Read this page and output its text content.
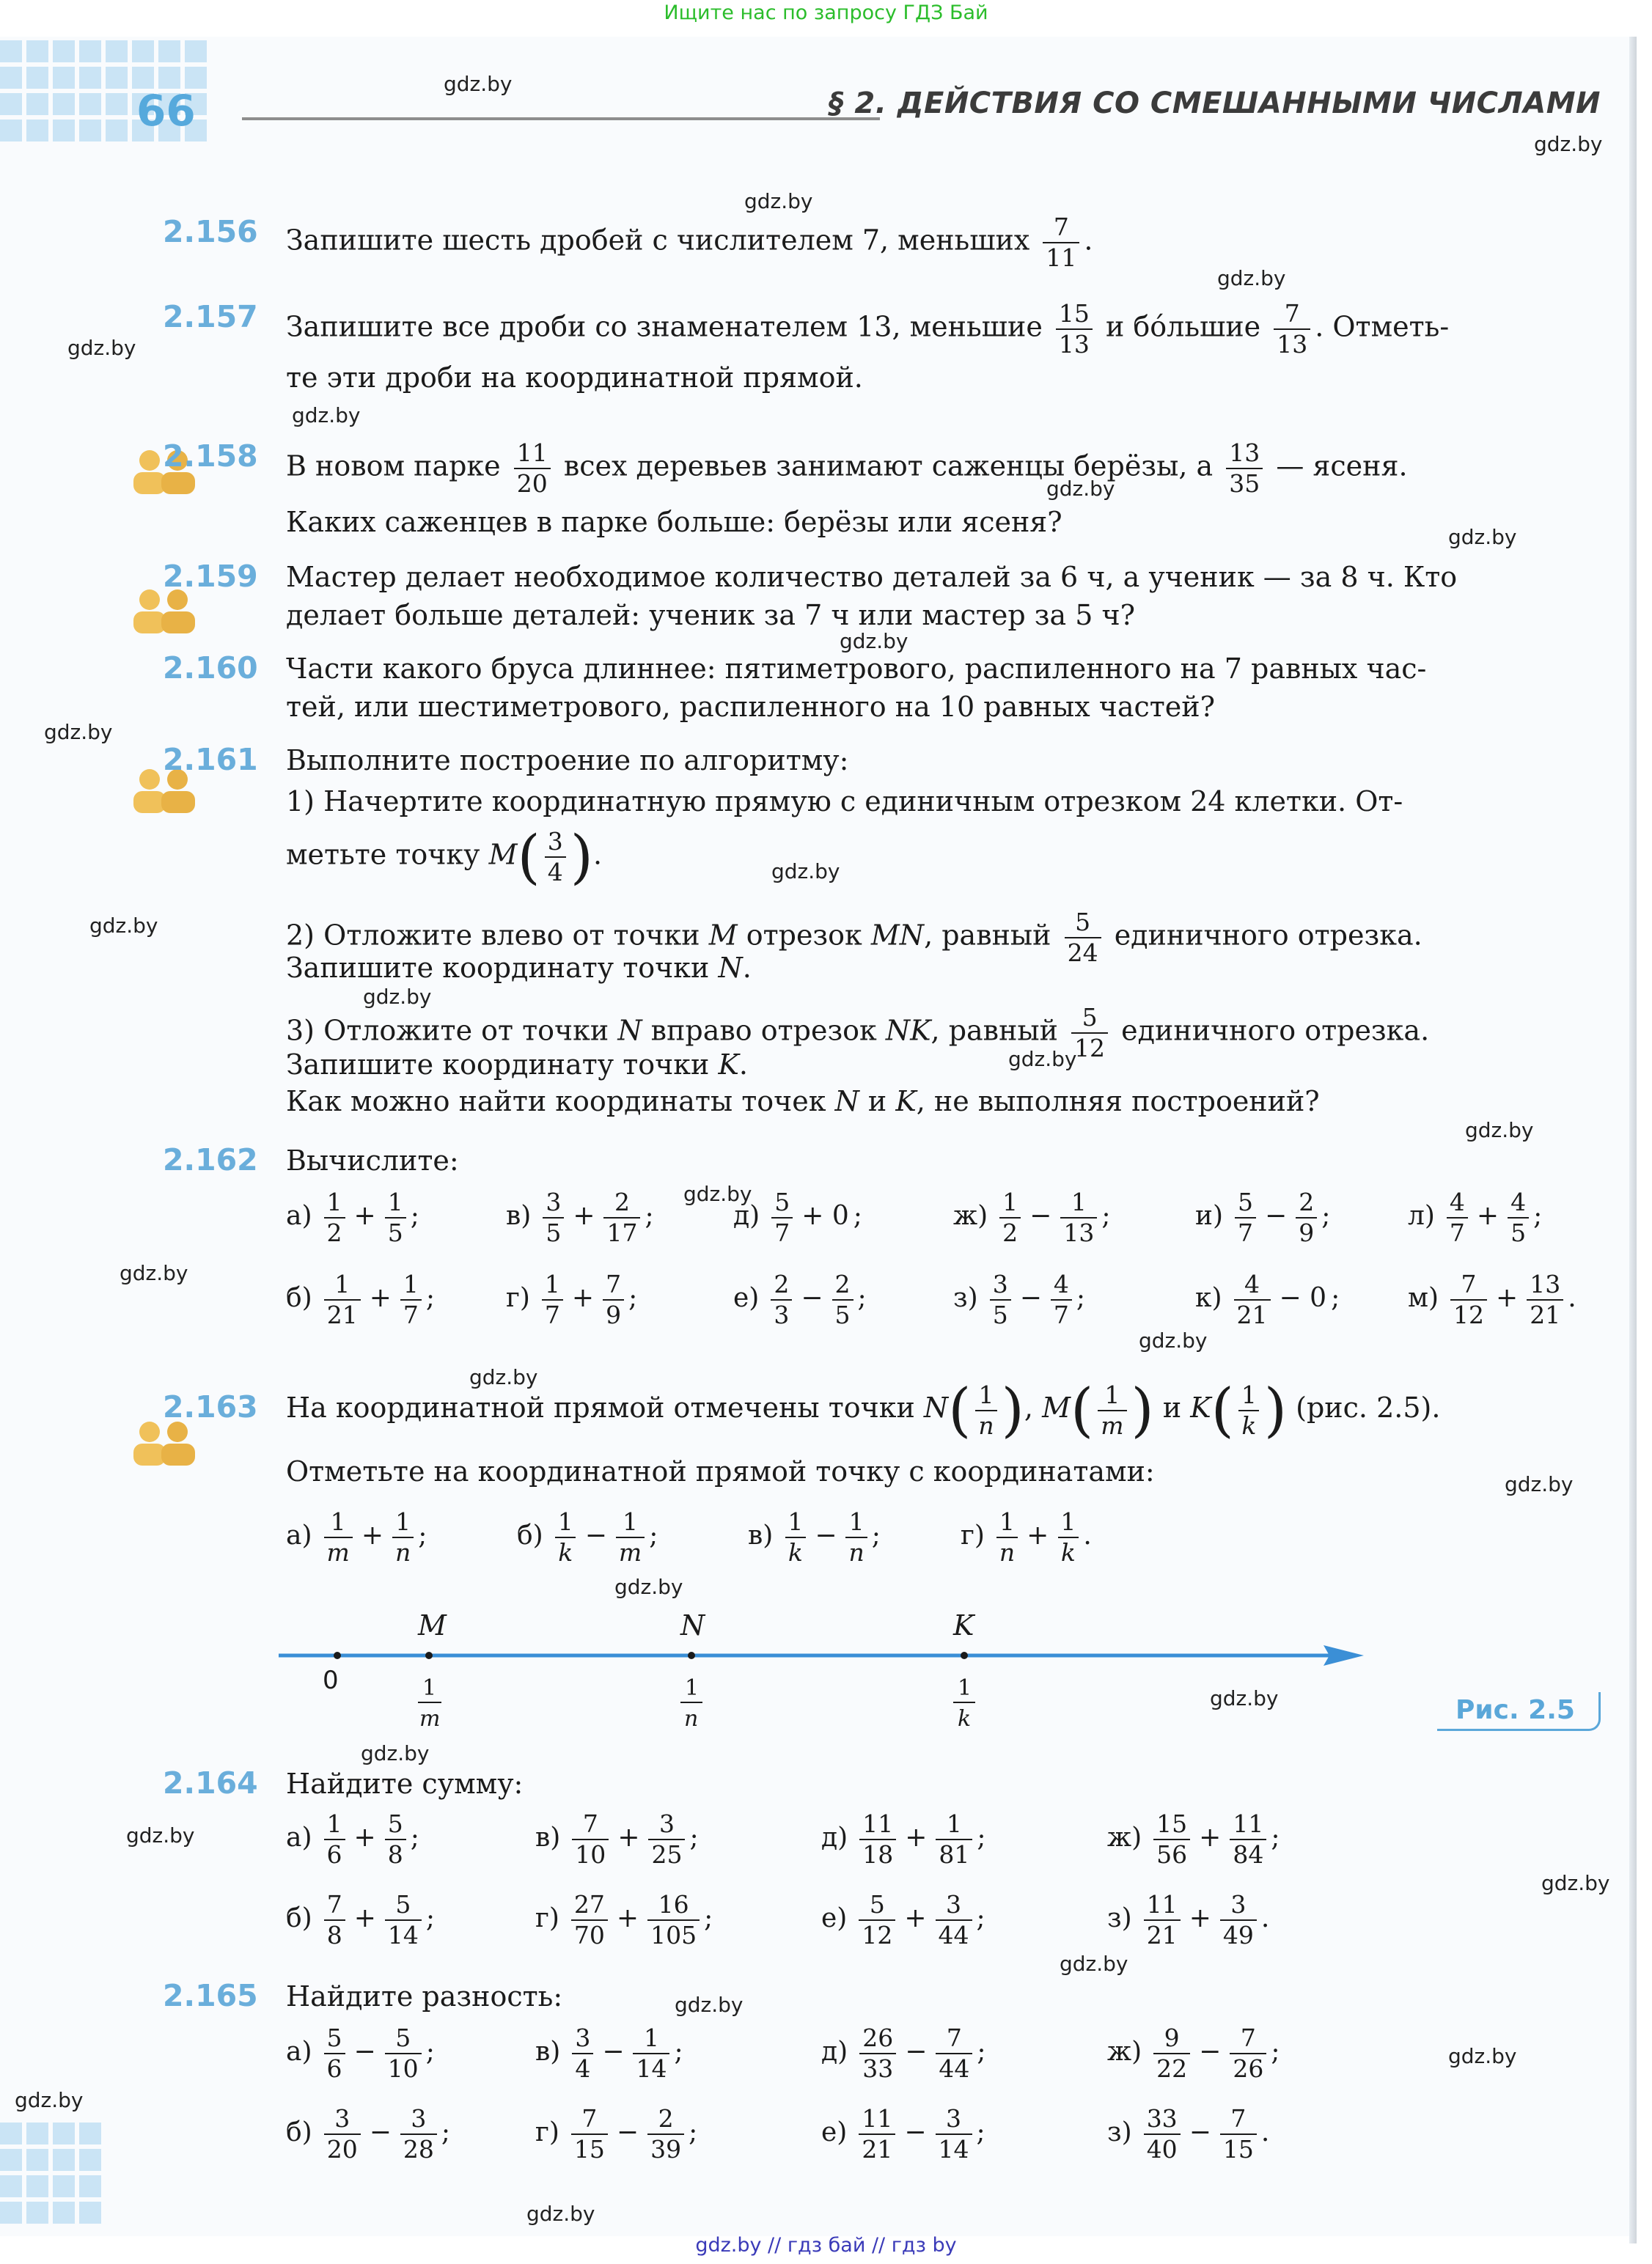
Ищите нас по запросу ГДЗ Бай
66	§ 2. ДЕЙСТВИЯ СО СМЕШАННЫМИ ЧИСЛАМИ
gdz.by
gdz.by
gdz.by
gdz.by
gdz.by
gdz.by
gdz.by
gdz.by
gdz.by
gdz.by
gdz.by
gdz.by
gdz.by
gdz.by
gdz.by
gdz.by
gdz.by
gdz.by
gdz.by
gdz.by
gdz.by
gdz.by
gdz.by
gdz.by
gdz.by
gdz.by
gdz.by
gdz.by
gdz.by
gdz.by
2.156 Запишите шесть дробей с числителем 7, меньших $\frac{7}{11}$ .
2.157 Запишите все дроби со знаменателем 13, меньшие $\frac{15}{13}$ и бóльшие $\frac{7}{13}$ . Отметь-
те эти дроби на координатной прямой.
2.158 В новом парке $\frac{11}{20}$ всех деревьев занимают саженцы берёзы, а $\frac{13}{35}$ — ясеня.
Каких саженцев в парке больше: берёзы или ясеня?
2.159 Мастер делает необходимое количество деталей за 6 ч, а ученик — за 8 ч. Кто
делает больше деталей: ученик за 7 ч или мастер за 5 ч?
2.160 Части какого бруса длиннее: пятиметрового, распиленного на 7 равных час-
тей, или шестиметрового, распиленного на 10 равных частей?
2.161 Выполните построение по алгоритму:
1) Начертите координатную прямую с единичным отрезком 24 клетки. От-
метьте точку $M( \frac{3}{4}$ ).
2) Отложите влево от точки M отрезок MN, равный $\frac{5}{24}$ единичного отрезка.
Запишите координату точки N.
3) Отложите от точки N вправо отрезок NK, равный $\frac{5}{12}$ единичного отрезка.
Запишите координату точки K.
Как можно найти координаты точек N и K, не выполняя построений?
2.162 Вычислите:
$а) \frac{1}{2} + \frac{1}{5}$ ;	$в) \frac{3}{5} + \frac{2}{17}$ ;	$д) \frac{5}{7} + 0$ ;	$ж) \frac{1}{2} - \frac{1}{13}$ ;	$и) \frac{5}{7} - \frac{2}{9}$ ;	$л) \frac{4}{7} + \frac{4}{5}$ ;
$б) \frac{1}{21} + \frac{1}{7}$ ;	$г) \frac{1}{7} + \frac{7}{9}$ ;	$е) \frac{2}{3} - \frac{2}{5}$ ;	$з) \frac{3}{5} - \frac{4}{7}$ ;	$к) \frac{4}{21} - 0$ ;	$м) \frac{7}{12} + \frac{13}{21}$ .
2.163 На координатной прямой отмечены точки $N( \frac{1}{n}$ ), $M( \frac{1}{m}$ ) и $K( \frac{1}{k}$ ) (рис. 2.5).
Отметьте на координатной прямой точку с координатами:
$а) \frac{1}{m} + \frac{1}{n}$ ;	$б) \frac{1}{k} - \frac{1}{m}$ ;	$в) \frac{1}{k} - \frac{1}{n}$ ;	$г) \frac{1}{n} + \frac{1}{k}$ .
0
M	N	K
1
m
1
n
1
k	Рис. 2.5
2.164 Найдите сумму:
$а) \frac{1}{6} + \frac{5}{8}$ ;	$в) \frac{7}{10} + \frac{3}{25}$ ;	$д) \frac{11}{18} + \frac{1}{81}$ ;	$ж) \frac{15}{56} + \frac{11}{84}$ ;
$б) \frac{7}{8} + \frac{5}{14}$ ;	$г) \frac{27}{70} + \frac{16}{105}$ ;	$е) \frac{5}{12} + \frac{3}{44}$ ;	$з) \frac{11}{21} + \frac{3}{49}$ .
2.165 Найдите разность:
$а) \frac{5}{6} - \frac{5}{10}$ ;	$в) \frac{3}{4} - \frac{1}{14}$ ;	$д) \frac{26}{33} - \frac{7}{44}$ ;	$ж) \frac{9}{22} - \frac{7}{26}$ ;
$б) \frac{3}{20} - \frac{3}{28}$ ;	$г) \frac{7}{15} - \frac{2}{39}$ ;	$е) \frac{11}{21} - \frac{3}{14}$ ;	$з) \frac{33}{40} - \frac{7}{15}$ .
gdz.by // гдз бай // гдз by
